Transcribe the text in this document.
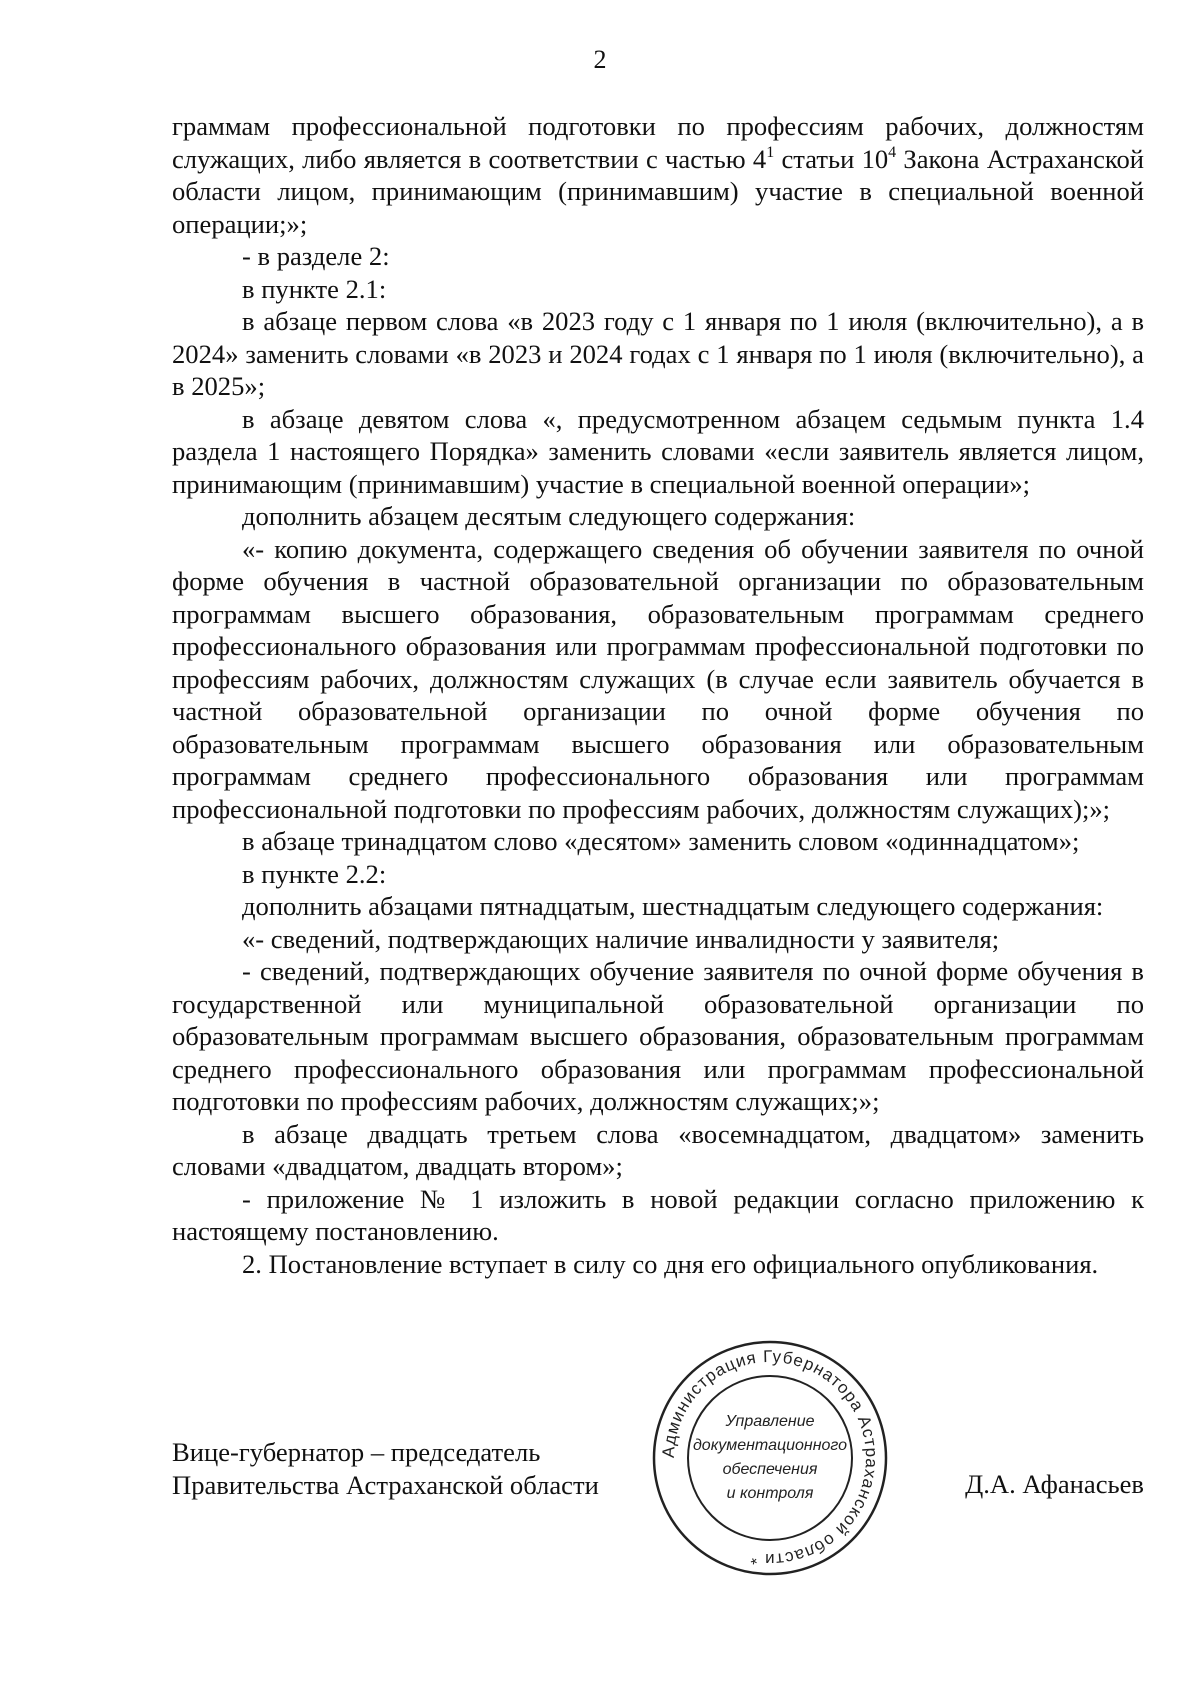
2

граммам профессиональной подготовки по профессиям рабочих, должностям служащих, либо является в соответствии с частью $4^1$ статьи $10^4$ Закона Астраханской области лицом, принимающим (принимавшим) участие в специальной военной операции;»;

- в разделе 2:

в пункте 2.1:

в абзаце первом слова «в 2023 году с 1 января по 1 июля (включительно), а в 2024» заменить словами «в 2023 и 2024 годах с 1 января по 1 июля (включительно), а в 2025»;

в абзаце девятом слова «, предусмотренном абзацем седьмым пункта 1.4 раздела 1 настоящего Порядка» заменить словами «если заявитель является лицом, принимающим (принимавшим) участие в специальной военной операции»;

дополнить абзацем десятым следующего содержания:

«- копию документа, содержащего сведения об обучении заявителя по очной форме обучения в частной образовательной организации по образовательным программам высшего образования, образовательным программам среднего профессионального образования или программам профессиональной подготовки по профессиям рабочих, должностям служащих (в случае если заявитель обучается в частной образовательной организации по очной форме обучения по образовательным программам высшего образования или образовательным программам среднего профессионального образования или программам профессиональной подготовки по профессиям рабочих, должностям служащих);»;

в абзаце тринадцатом слово «десятом» заменить словом «одиннадцатом»;

в пункте 2.2:

дополнить абзацами пятнадцатым, шестнадцатым следующего содержания:

«- сведений, подтверждающих наличие инвалидности у заявителя;

- сведений, подтверждающих обучение заявителя по очной форме обучения в государственной или муниципальной образовательной организации по образовательным программам высшего образования, образовательным программам среднего профессионального образования или программам профессиональной подготовки по профессиям рабочих, должностям служащих;»;

в абзаце двадцать третьем слова «восемнадцатом, двадцатом» заменить словами «двадцатом, двадцать втором»;

- приложение № 1 изложить в новой редакции согласно приложению к настоящему постановлению.

2. Постановление вступает в силу со дня его официального опубликования.

Вице-губернатор – председатель
Правительства Астраханской области
Администрация Губернатора Астраханской области *
Управление
документационного
обеспечения
и контроля	Д.А. Афанасьев
